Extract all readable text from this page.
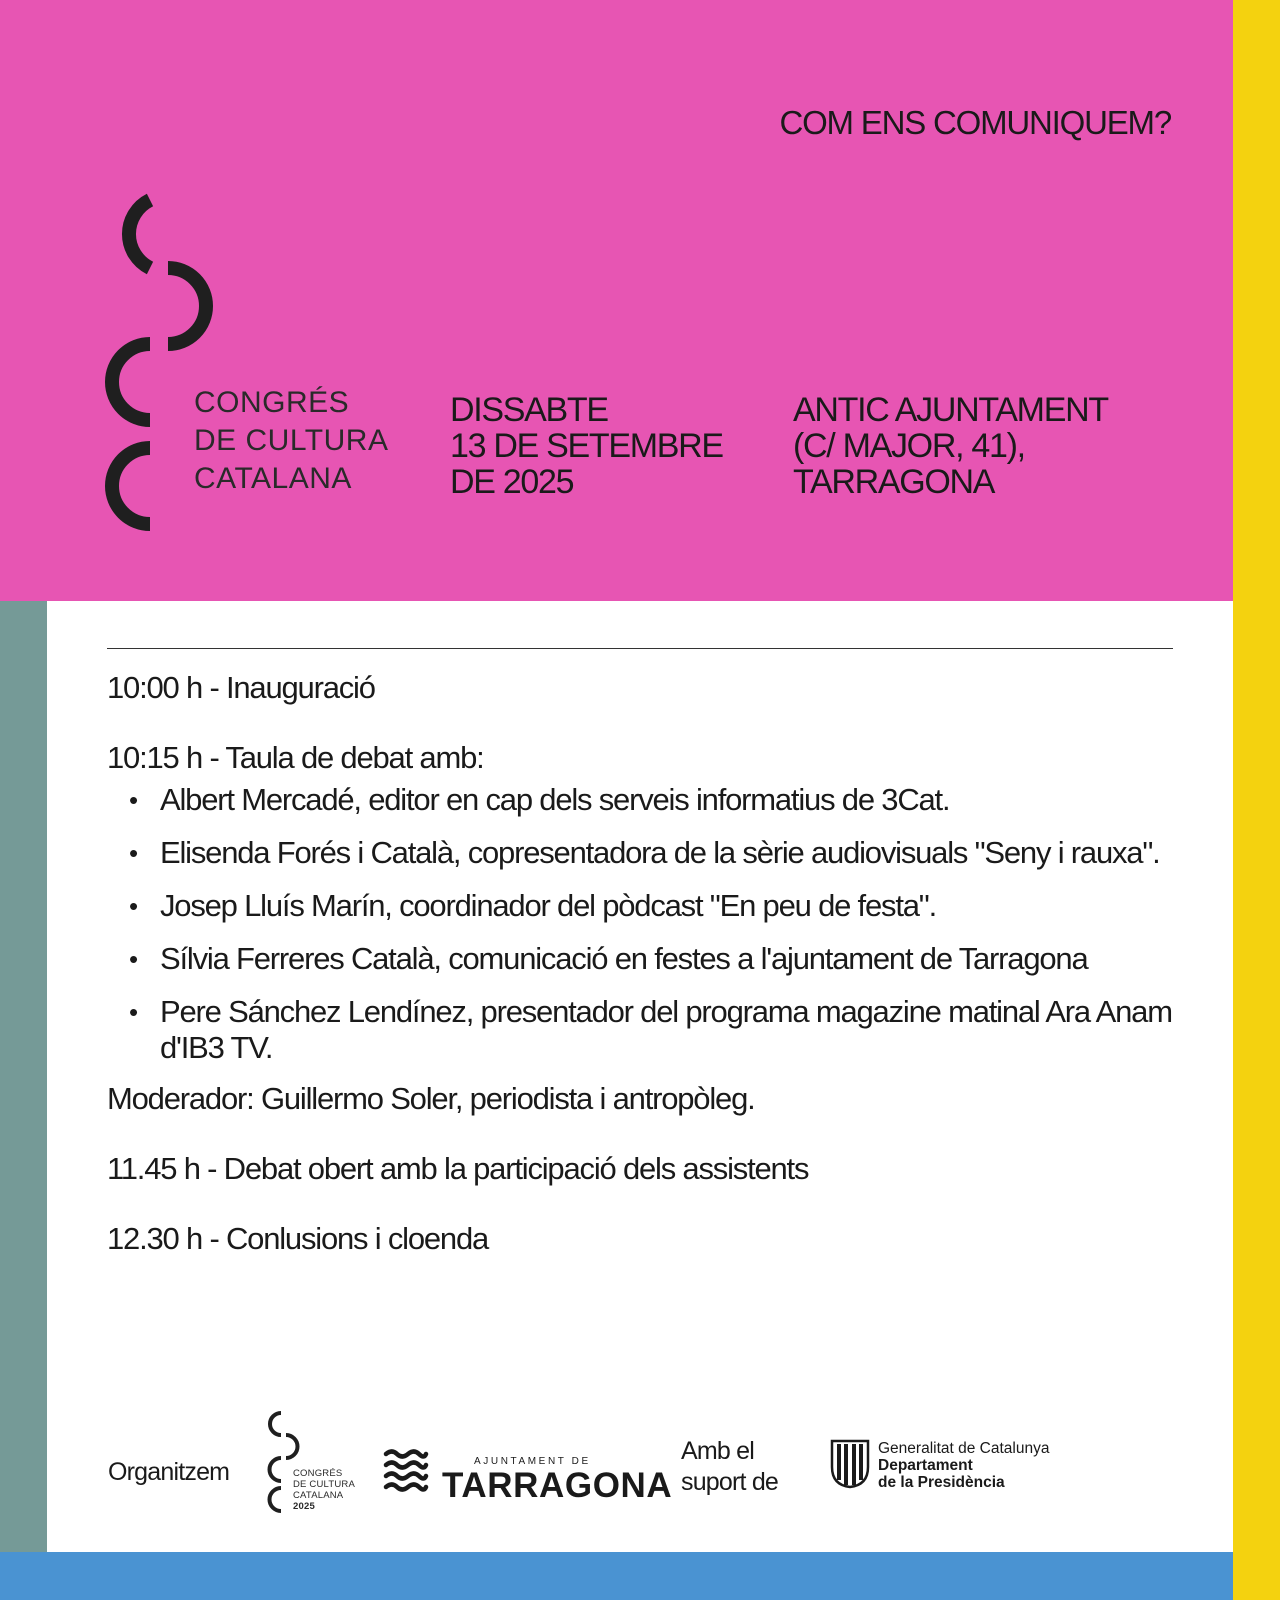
COM ENS COMUNIQUEM?
CONGRÉS
DE CULTURA
CATALANA
DISSABTE
13 DE SETEMBRE
DE 2025
ANTIC AJUNTAMENT
(C/ MAJOR, 41),
TARRAGONA

10:00 h - Inauguració

10:15 h - Taula de debat amb:

• Albert Mercadé, editor en cap dels serveis informatius de 3Cat.
• Elisenda Forés i Català, copresentadora de la sèrie audiovisuals "Seny i rauxa".
• Josep Lluís Marín, coordinador del pòdcast "En peu de festa".
• Sílvia Ferreres Català, comunicació en festes a l'ajuntament de Tarragona
• Pere Sánchez Lendínez, presentador del programa magazine matinal Ara Anam d'IB3 TV.

Moderador: Guillermo Soler, periodista i antropòleg.

11.45 h - Debat obert amb la participació dels assistents

12.30 h - Conlusions i cloenda

Organitzem	CONGRÉS
DE CULTURA
CATALANA
2025
AJUNTAMENT DE
TARRAGONA
Amb el
suport de
Generalitat de Catalunya
Departament
de la Presidència
